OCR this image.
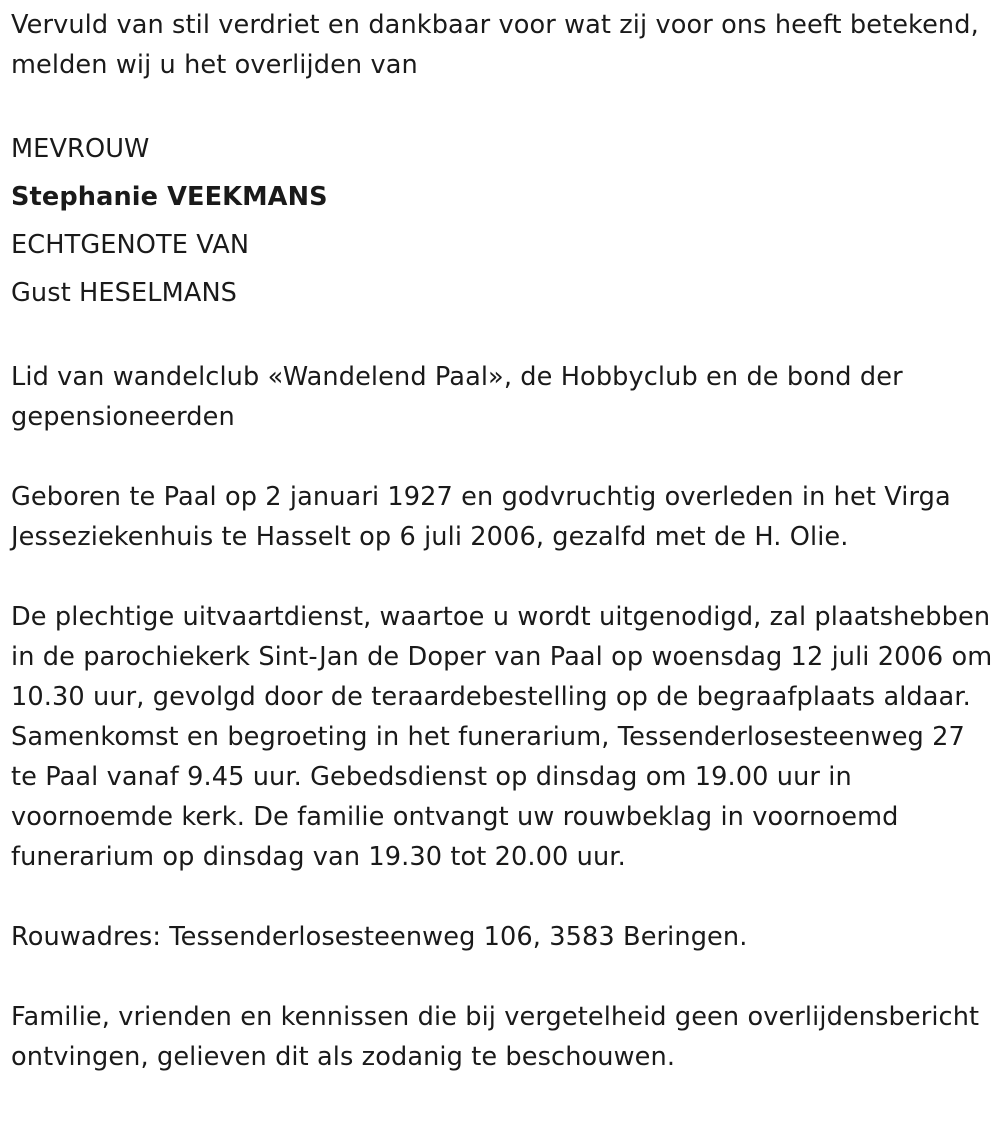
Vervuld van stil verdriet en dankbaar voor wat zij voor ons heeft betekend, melden wij u het overlijden van

MEVROUW

Stephanie VEEKMANS

ECHTGENOTE VAN

Gust HESELMANS

Lid van wandelclub «Wandelend Paal», de Hobbyclub en de bond der gepensioneerden

Geboren te Paal op 2 januari 1927 en godvruchtig overleden in het Virga Jesseziekenhuis te Hasselt op 6 juli 2006, gezalfd met de H. Olie.

De plechtige uitvaartdienst, waartoe u wordt uitgenodigd, zal plaatshebben in de parochiekerk Sint-Jan de Doper van Paal op woensdag 12 juli 2006 om 10.30 uur, gevolgd door de teraardebestelling op de begraafplaats aldaar. Samenkomst en begroeting in het funerarium, Tessenderlosesteenweg 27 te Paal vanaf 9.45 uur. Gebedsdienst op dinsdag om 19.00 uur in voornoemde kerk. De familie ontvangt uw rouwbeklag in voornoemd funerarium op dinsdag van 19.30 tot 20.00 uur.

Rouwadres: Tessenderlosesteenweg 106, 3583 Beringen.

Familie, vrienden en kennissen die bij vergetelheid geen overlijdensbericht ontvingen, gelieven dit als zodanig te beschouwen.
